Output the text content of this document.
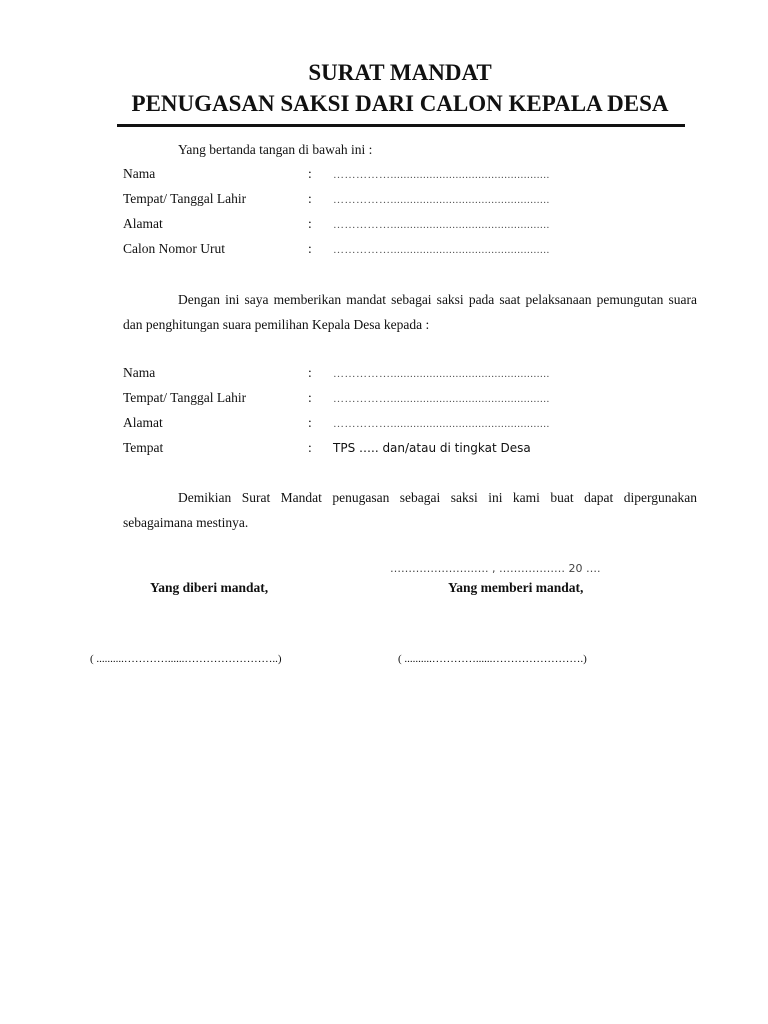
SURAT MANDAT
PENUGASAN SAKSI DARI CALON KEPALA DESA
Yang bertanda tangan di bawah ini :
Nama	: …………….................................................
Tempat/ Tanggal Lahir	: …………….................................................
Alamat	: …………….................................................
Calon Nomor Urut	: …………….................................................
Dengan ini saya memberikan mandat sebagai saksi pada saat pelaksanaan pemungutan suara dan penghitungan suara pemilihan Kepala Desa kepada :
Nama	: …………….................................................
Tempat/ Tanggal Lahir	: …………….................................................
Alamat	: …………….................................................
Tempat	: TPS ….. dan/atau di tingkat Desa
Demikian Surat Mandat penugasan sebagai saksi ini kami buat dapat dipergunakan sebagaimana mestinya.
…………………..…. , ……………… 20 ….
Yang diberi mandat,	Yang memberi mandat,
( ..........…………......……………………..)	( ..........…………......…………………….)
